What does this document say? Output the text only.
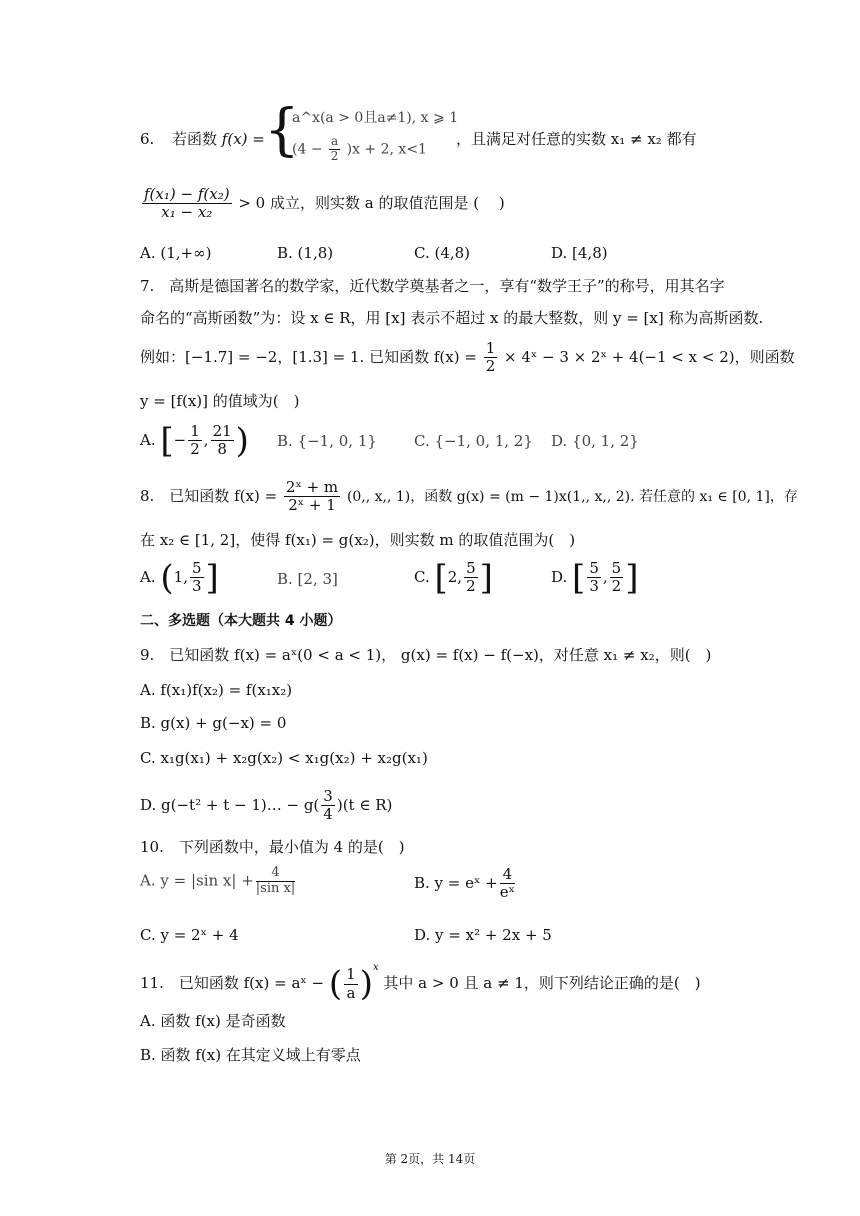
6. 若函数 f(x) = {
a^x(a > 0且a≠1), x ⩾ 1
$(4 - \frac{a}{2} )x + 2$, x<1
，且满足对任意的实数 x₁ ≠ x₂ 都有
$\frac{\text{f(x₁) − f(x₂)}}{\text{x₁ − x₂}} > 0$ 成立，则实数 a 的取值范围是 (　 )
A. (1,+∞)	B. (1,8)	C. (4,8)	D. [4,8)
7.　高斯是德国著名的数学家，近代数学奠基者之一，享有“数学王子”的称号，用其名字
命名的“高斯函数”为：设 x ∈ R，用 [x] 表示不超过 x 的最大整数，则 y = [x] 称为高斯函数.
例如：[−1.7] = −2，[1.3] = 1. 已知函数 $f(x) = \frac{1}{2}$ × 4ˣ − 3 × 2ˣ + 4(−1 < x < 2)，则函数
y = [f(x)] 的值域为(　)
A. [− $\frac{1}{2}$ , $\frac{21}{8}$ ) B. {−1, 0, 1} C. {−1, 0, 1, 2} D. {0, 1, 2}
8.　已知函数 $f(x) = \frac{\text{2ˣ + m}}{\text{2ˣ + 1}} (0$,, x,, 1)，函数 g(x) = (m − 1)x(1,, x,, 2). 若任意的 x₁ ∈ [0, 1]，存
在 x₂ ∈ [1, 2]，使得 f(x₁) = g(x₂)，则实数 m 的取值范围为(　)
A. (1, $\frac{5}{3}$ ]	B. [2, 3]	C. [2, $\frac{5}{2}$ ]	D. [ $\frac{5}{3}$ , $\frac{5}{2}$ ]
二、多选题（本大题共 4 小题）
9.　已知函数 f(x) = aˣ(0 < a < 1)， g(x) = f(x) − f(−x)，对任意 x₁ ≠ x₂，则(　)
A. f(x₁)f(x₂) = f(x₁x₂)
B. g(x) + g(−x) = 0
C. x₁g(x₁) + x₂g(x₂) < x₁g(x₂) + x₂g(x₁)
D. g(−t² + t − 1)… − $g( \frac{3}{4} )(t$ ∈ R)
10.　下列函数中，最小值为 4 的是(　)
A. y = |sin $x| + \frac{4}{\text{|sin x|}}$	B. y = eˣ + $\frac{4}{\text{eˣ}}$
C. y = 2ˣ + 4	D. y = x² + 2x + 5
11.　已知函数 f(x) = aˣ − ( $\frac{1}{a} )^x$ 其中 a > 0 且 a ≠ 1，则下列结论正确的是(　)
A. 函数 f(x) 是奇函数
B. 函数 f(x) 在其定义域上有零点
第 2页，共 14页
